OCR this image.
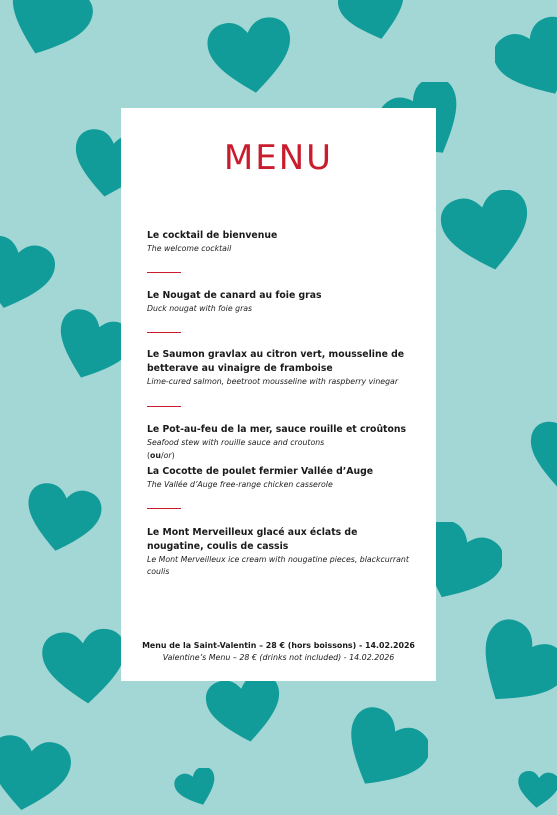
MENU
Le cocktail de bienvenue
The welcome cocktail
Le Nougat de canard au foie gras
Duck nougat with foie gras
Le Saumon gravlax au citron vert, mousseline de betterave au vinaigre de framboise
Lime-cured salmon, beetroot mousseline with raspberry vinegar
Le Pot-au-feu de la mer, sauce rouille et croûtons
Seafood stew with rouille sauce and croutons
(ou/or)
La Cocotte de poulet fermier Vallée d’Auge
The Vallée d’Auge free-range chicken casserole
Le Mont Merveilleux glacé aux éclats de nougatine, coulis de cassis
Le Mont Merveilleux ice cream with nougatine pieces, blackcurrant coulis
Menu de la Saint-Valentin – 28 € (hors boissons) - 14.02.2026
Valentine’s Menu – 28 € (drinks not included) - 14.02.2026
